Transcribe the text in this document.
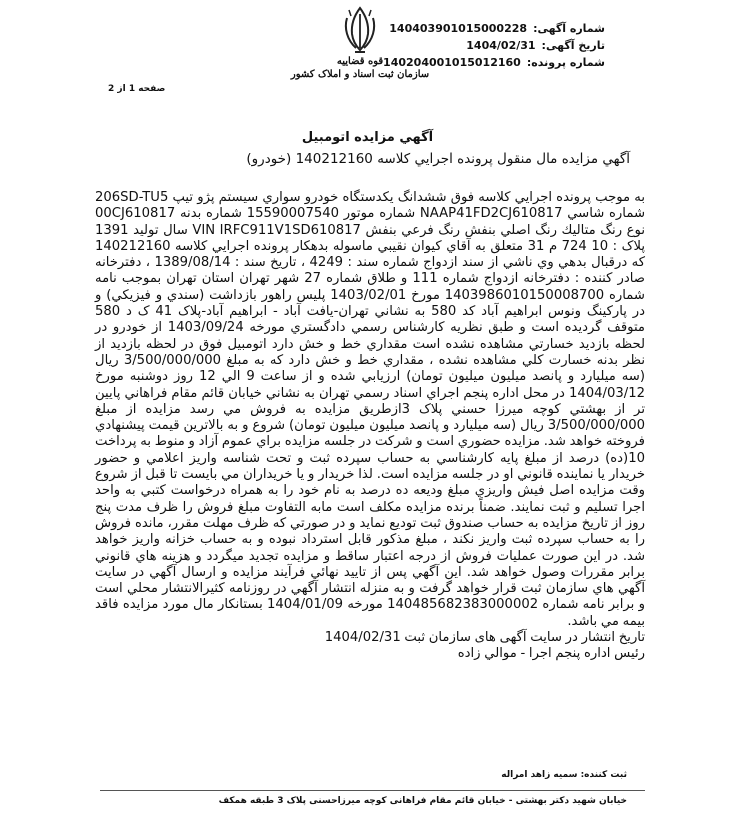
شماره آگهی:
140403901015000228
تاریخ آگهی:
1404/02/31
شماره پرونده:
140204001015012160
قوه قضاییه
سازمان ثبت اسناد و املاک کشور
صفحه 1 از 2
آگهي مزايده اتومبيل
آگهي مزايده مال منقول پرونده اجرايي كلاسه 140212160 (خودرو)

به موجب پرونده اجرايي كلاسه فوق ششدانگ يكدستگاه خودرو سواري سيستم پژو تيپ 206SD-TU5 شماره شاسي NAAP41FD2CJ610817 شماره موتور 15590007540 شماره بدنه 00CJ610817 نوع رنگ متاليك رنگ اصلي بنفش رنگ فرعي بنفش VIN IRFC911V1SD610817 سال توليد 1391 پلاک : 10 724 م 31 متعلق به آقاي كيوان نقيبي ماسوله بدهكار پرونده اجرايي كلاسه 140212160 كه درقبال بدهي وي ناشي از سند ازدواج شماره سند : 4249 ، تاريخ سند : 1389/08/14 ، دفترخانه صادر كننده : دفترخانه ازدواج شماره 111 و طلاق شماره 27 شهر تهران استان تهران بموجب نامه شماره 1403986010150008700 مورخ 1403/02/01 پليس راهور بازداشت (سندي و فيزيكي) و در پاركينگ ونوس ابراهيم آباد كد 580 به نشاني تهران-يافت آباد - ابراهيم آباد-پلاک 41 ک د 580 متوقف گرديده است و طبق نظريه كارشناس رسمي دادگستري مورخه 1403/09/24 از خودرو در لحظه بازديد خسارتي مشاهده نشده است مقداري خط و خش دارد اتومبيل فوق در لحظه بازديد از نظر بدنه خسارت كلي مشاهده نشده ، مقداري خط و خش دارد كه به مبلغ 3/500/000/000 ريال (سه ميليارد و پانصد ميليون ميليون تومان) ارزيابي شده و از ساعت 9 الي 12 روز دوشنبه مورخ 1404/03/12 در محل اداره پنجم اجراي اسناد رسمي تهران به نشاني خيابان قائم مقام فراهاني پايين تر از بهشتي كوچه ميرزا حسني پلاک 3ازطريق مزايده به فروش مي رسد مزايده از مبلغ 3/500/000/000 ريال (سه ميليارد و پانصد ميليون ميليون تومان) شروع و به بالاترين قيمت پيشنهادي فروخته خواهد شد. مزايده حضوري است و شركت در جلسه مزايده براي عموم آزاد و منوط به پرداخت 10(ده) درصد از مبلغ پايه كارشناسي به حساب سپرده ثبت و تحت شناسه واريز اعلامي و حضور خريدار يا نماينده قانوني او در جلسه مزايده است. لذا خريدار و يا خريداران مي بايست تا قبل از شروع وقت مزايده اصل فيش واريزي مبلغ وديعه ده درصد به نام خود را به همراه درخواست كتبي به واحد اجرا تسليم و ثبت نمايند. ضمناً برنده مزايده مكلف است مابه التفاوت مبلغ فروش را ظرف مدت پنج روز از تاريخ مزايده به حساب صندوق ثبت توديع نمايد و در صورتي كه ظرف مهلت مقرر، مانده فروش را به حساب سپرده ثبت واريز نكند ، مبلغ مذكور قابل استرداد نبوده و به حساب خزانه واريز خواهد شد. در اين صورت عمليات فروش از درجه اعتبار ساقط و مزايده تجديد ميگردد و هزينه هاي قانوني برابر مقررات وصول خواهد شد. اين آگهي پس از تاييد نهائي فرآيند مزايده و ارسال آگهي در سايت آگهي هاي سازمان ثبت قرار خواهد گرفت و به منزله انتشار آگهي در روزنامه كثيرالانتشار محلي است و برابر نامه شماره 140485682383000002 مورخه 1404/01/09 بستانكار مال مورد مزايده فاقد بيمه مي باشد.

تاريخ انتشار در سايت آگهی های سازمان ثبت 1404/02/31

رئيس اداره پنجم اجرا - موالي زاده

ثبت کننده: سمیه زاهد امراله
خیابان شهید دکتر بهشتی - خیابان قائم مقام فراهانی کوچه میرزاحسنی پلاک 3 طبقه همکف
